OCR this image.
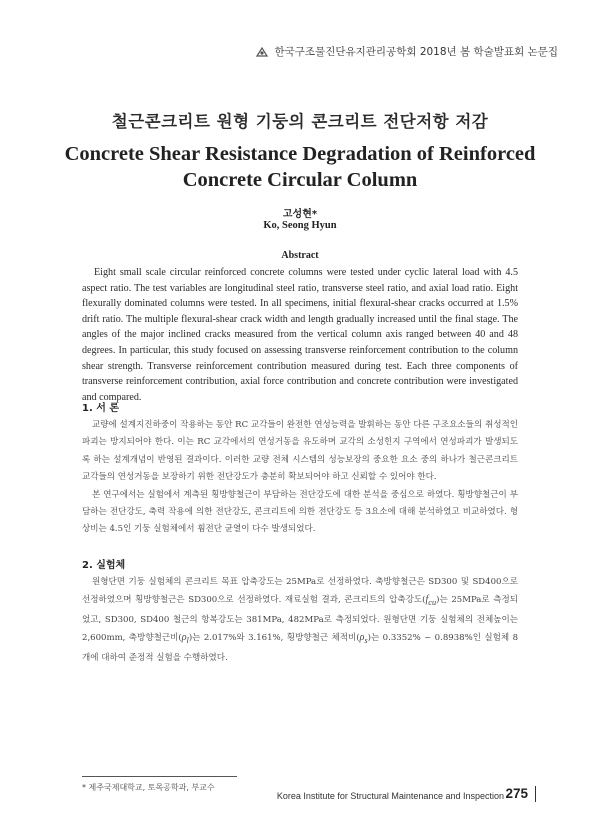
한국구조물진단유지관리공학회 2018년 봄 학술발표회 논문집
철근콘크리트 원형 기둥의 콘크리트 전단저항 저감
Concrete Shear Resistance Degradation of Reinforced
Concrete Circular Column
고성현*
Ko, Seong Hyun
Abstract
Eight small scale circular reinforced concrete columns were tested under cyclic lateral load with 4.5 aspect ratio. The test variables are longitudinal steel ratio, transverse steel ratio, and axial load ratio. Eight flexurally dominated columns were tested. In all specimens, initial flexural-shear cracks occurred at 1.5% drift ratio. The multiple flexural-shear crack width and length gradually increased until the final stage. The angles of the major inclined cracks measured from the vertical column axis ranged between 40 and 48 degrees. In particular, this study focused on assessing transverse reinforcement contribution to the column shear strength. Transverse reinforcement contribution measured during test. Each three components of transverse reinforcement contribution, axial force contribution and concrete contribution were investigated and compared.
1. 서 론

교량에 설계지진하중이 작용하는 동안 RC 교각들이 완전한 연성능력을 발휘하는 동안 다른 구조요소들의 취성적인 파괴는 방지되어야 한다. 이는 RC 교각에서의 연성거동을 유도하며 교각의 소성힌지 구역에서 연성파괴가 발생되도록 하는 설계개념이 반영된 결과이다. 이러한 교량 전체 시스템의 성능보장의 중요한 요소 중의 하나가 철근콘크리트 교각들의 연성거동을 보장하기 위한 전단강도가 충분히 확보되어야 하고 신뢰할 수 있어야 한다.

본 연구에서는 실험에서 계측된 횡방향철근이 부담하는 전단강도에 대한 분석을 중심으로 하였다. 횡방향철근이 부담하는 전단강도, 축력 작용에 의한 전단강도, 콘크리트에 의한 전단강도 등 3요소에 대해 분석하였고 비교하였다. 형상비는 4.5인 기둥 실험체에서 휨전단 균열이 다수 발생되었다.

2. 실험체

원형단면 기둥 실험체의 콘크리트 목표 압축강도는 25MPa로 선정하였다. 축방향철근은 SD300 및 SD400으로 선정하였으며 횡방향철근은 SD300으로 선정하였다. 재료실험 결과, 콘크리트의 압축강도$(f_{cu})$는 25MPa로 측정되었고, SD300, SD400 철근의 항복강도는 381MPa, 482MPa로 측정되었다. 원형단면 기둥 실험체의 전체높이는 2,600mm, 축방향철근비$(\rho_l)$는 2.017%와 3.161%, 횡방향철근 체적비$(\rho_s)$는 0.3352% ~ 0.8938%인 실험체 8개에 대하여 준정적 실험을 수행하였다.

* 제주국제대학교, 토목공학과, 부교수
Korea Institute for Structural Maintenance and Inspection 275
